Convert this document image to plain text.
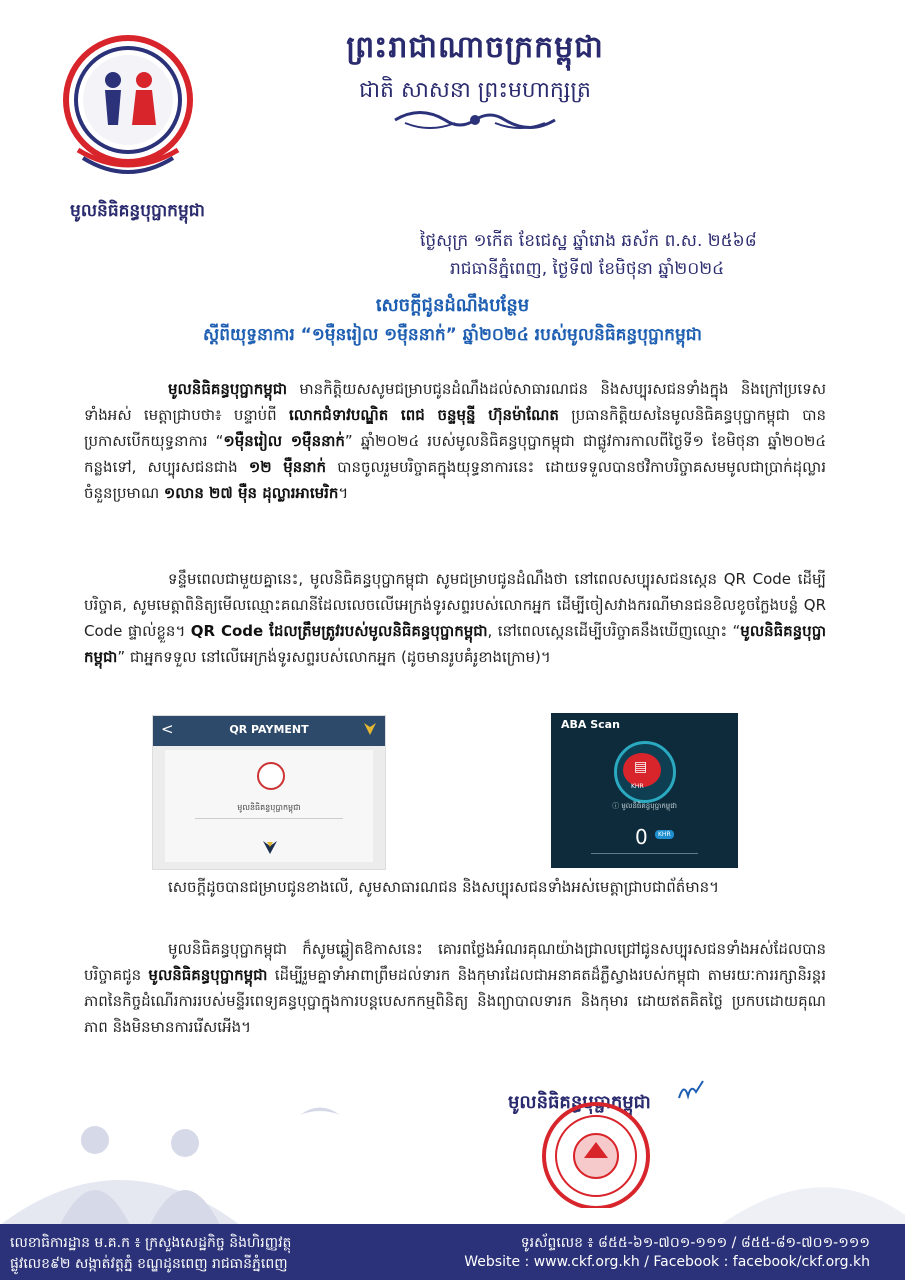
មូលនិធិគន្ធបុប្ផាកម្ពុជា
ព្រះរាជាណាចក្រកម្ពុជា
ជាតិ សាសនា ព្រះមហាក្សត្រ
ថ្ងៃសុក្រ ១កើត ខែជេស្ឋ ឆ្នាំរោង ឆស័ក ព.ស. ២៥៦៨
រាជធានីភ្នំពេញ, ថ្ងៃទី៧ ខែមិថុនា ឆ្នាំ២០២៤
សេចក្តីជូនដំណឹងបន្ថែម
ស្តីពីយុទ្ធនាការ “១ម៉ឺនរៀល ១ម៉ឺននាក់” ឆ្នាំ២០២៤ របស់មូលនិធិគន្ធបុប្ផាកម្ពុជា
មូលនិធិគន្ធបុប្ផាកម្ពុជា មានកិត្តិយសសូមជម្រាបជូនដំណឹងដល់សាធារណជន និងសប្បុរសជនទាំងក្នុង និងក្រៅប្រទេសទាំងអស់ មេត្តាជ្រាបថា៖ បន្ទាប់ពី លោកជំទាវបណ្ឌិត ពេជ ចន្ទមុន្នី ហ៊ុនម៉ាណែត ប្រធានកិត្តិយសនៃមូលនិធិគន្ធបុប្ផាកម្ពុជា បានប្រកាសបើកយុទ្ធនាការ “១ម៉ឺនរៀល ១ម៉ឺននាក់” ឆ្នាំ២០២៤ របស់មូលនិធិគន្ធបុប្ផាកម្ពុជា ជាផ្លូវការកាលពីថ្ងៃទី១ ខែមិថុនា ឆ្នាំ២០២៤ កន្លងទៅ, សប្បុរសជនជាង ១២ ម៉ឺននាក់ បានចូលរួមបរិច្ចាគក្នុងយុទ្ធនាការនេះ ដោយទទួលបានថវិកាបរិច្ចាគសមមូលជាប្រាក់ដុល្លារ ចំនួនប្រមាណ ១លាន ២៧ ម៉ឺន ដុល្លារអាមេរិក។
ទន្ទឹមពេលជាមួយគ្នានេះ, មូលនិធិគន្ធបុប្ផាកម្ពុជា សូមជម្រាបជូនដំណឹងថា នៅពេលសប្បុរសជនស្កេន QR Code ដើម្បីបរិច្ចាគ, សូមមេត្តាពិនិត្យមើលឈ្មោះគណនីដែលលេចលើអេក្រង់ទូរសព្ទរបស់លោកអ្នក ដើម្បីចៀសវាងករណីមានជនខិលខូចក្លែងបន្លំ QR Code ផ្ទាល់ខ្លួន។ QR Code ដែលត្រឹមត្រូវរបស់មូលនិធិគន្ធបុប្ផាកម្ពុជា, នៅពេលស្កេនដើម្បីបរិច្ចាគនឹងឃើញឈ្មោះ “មូលនិធិគន្ធបុប្ផាកម្ពុជា” ជាអ្នកទទួល នៅលើអេក្រង់ទូរសព្ទរបស់លោកអ្នក (ដូចមានរូបគំរូខាងក្រោម)។
<	QR PAYMENT
មូលនិធិគន្ធបុប្ផាកម្ពុជា
ABA Scan
▤
KHR
ⓘ មូលនិធិគន្ធបុប្ផាកម្ពុជា
0	KHR
សេចក្តីដូចបានជម្រាបជូនខាងលើ, សូមសាធារណជន និងសប្បុរសជនទាំងអស់មេត្តាជ្រាបជាព័ត៌មាន។
មូលនិធិគន្ធបុប្ផាកម្ពុជា ក៏សូមឆ្លៀតឱកាសនេះ គោរពថ្លែងអំណរគុណយ៉ាងជ្រាលជ្រៅជូនសប្បុរសជនទាំងអស់ដែលបានបរិច្ចាគជូន មូលនិធិគន្ធបុប្ផាកម្ពុជា ដើម្បីរួមគ្នាទាំអាពាព្រឹមដល់ទារក និងកុមារដែលជាអនាគតដ៏ភ្លឺស្វាងរបស់កម្ពុជា តាមរយៈការរក្សានិរន្តរភាពនៃកិច្ចដំណើរការរបស់មន្ទីរពេទ្យគន្ធបុប្ផាក្នុងការបន្តបេសកកម្មពិនិត្យ និងព្យាបាលទារក និងកុមារ ដោយឥតគិតថ្លៃ ប្រកបដោយគុណភាព និងមិនមានការរើសអើង។
មូលនិធិគន្ធបុប្ផាកម្ពុជា
លេខាធិការដ្ឋាន ម.គ.ក ៖ ក្រសួងសេដ្ឋកិច្ច និងហិរញ្ញវត្ថុ
ផ្លូវលេខ៩២ សង្កាត់វត្តភ្នំ ខណ្ឌដូនពេញ រាជធានីភ្នំពេញ
ទូរស័ព្ទលេខ ៖ ៨៥៥-៦១-៧០១-១១១ / ៨៥៥-៨១-៧០១-១១១
Website : www.ckf.org.kh / Facebook : facebook/ckf.org.kh
